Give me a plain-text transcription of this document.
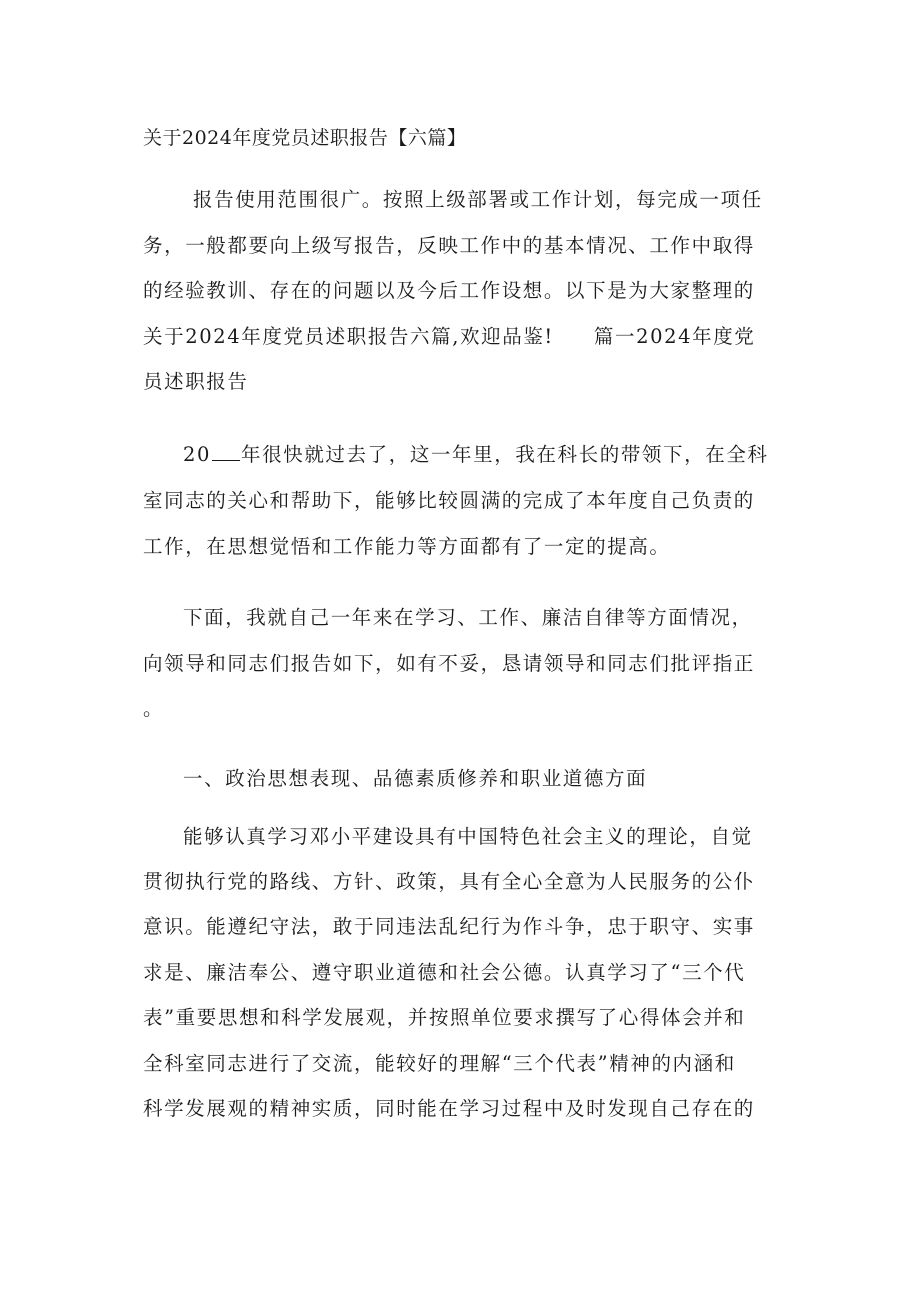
关于2024年度党员述职报告【六篇】
报告使用范围很广。按照上级部署或工作计划，每完成一项任
务，一般都要向上级写报告，反映工作中的基本情况、工作中取得
的经验教训、存在的问题以及今后工作设想。以下是为大家整理的
关于2024年度党员述职报告六篇,欢迎品鉴! 篇一2024年度党
员述职报告
20 年很快就过去了，这一年里，我在科长的带领下，在全科
室同志的关心和帮助下，能够比较圆满的完成了本年度自己负责的
工作，在思想觉悟和工作能力等方面都有了一定的提高。
下面，我就自己一年来在学习、工作、廉洁自律等方面情况，
向领导和同志们报告如下，如有不妥，恳请领导和同志们批评指正
。
一、政治思想表现、品德素质修养和职业道德方面
能够认真学习邓小平建设具有中国特色社会主义的理论，自觉
贯彻执行党的路线、方针、政策，具有全心全意为人民服务的公仆
意识。能遵纪守法，敢于同违法乱纪行为作斗争，忠于职守、实事
求是、廉洁奉公、遵守职业道德和社会公德。认真学习了“三个代
表”重要思想和科学发展观，并按照单位要求撰写了心得体会并和
全科室同志进行了交流，能较好的理解“三个代表”精神的内涵和
科学发展观的精神实质，同时能在学习过程中及时发现自己存在的
